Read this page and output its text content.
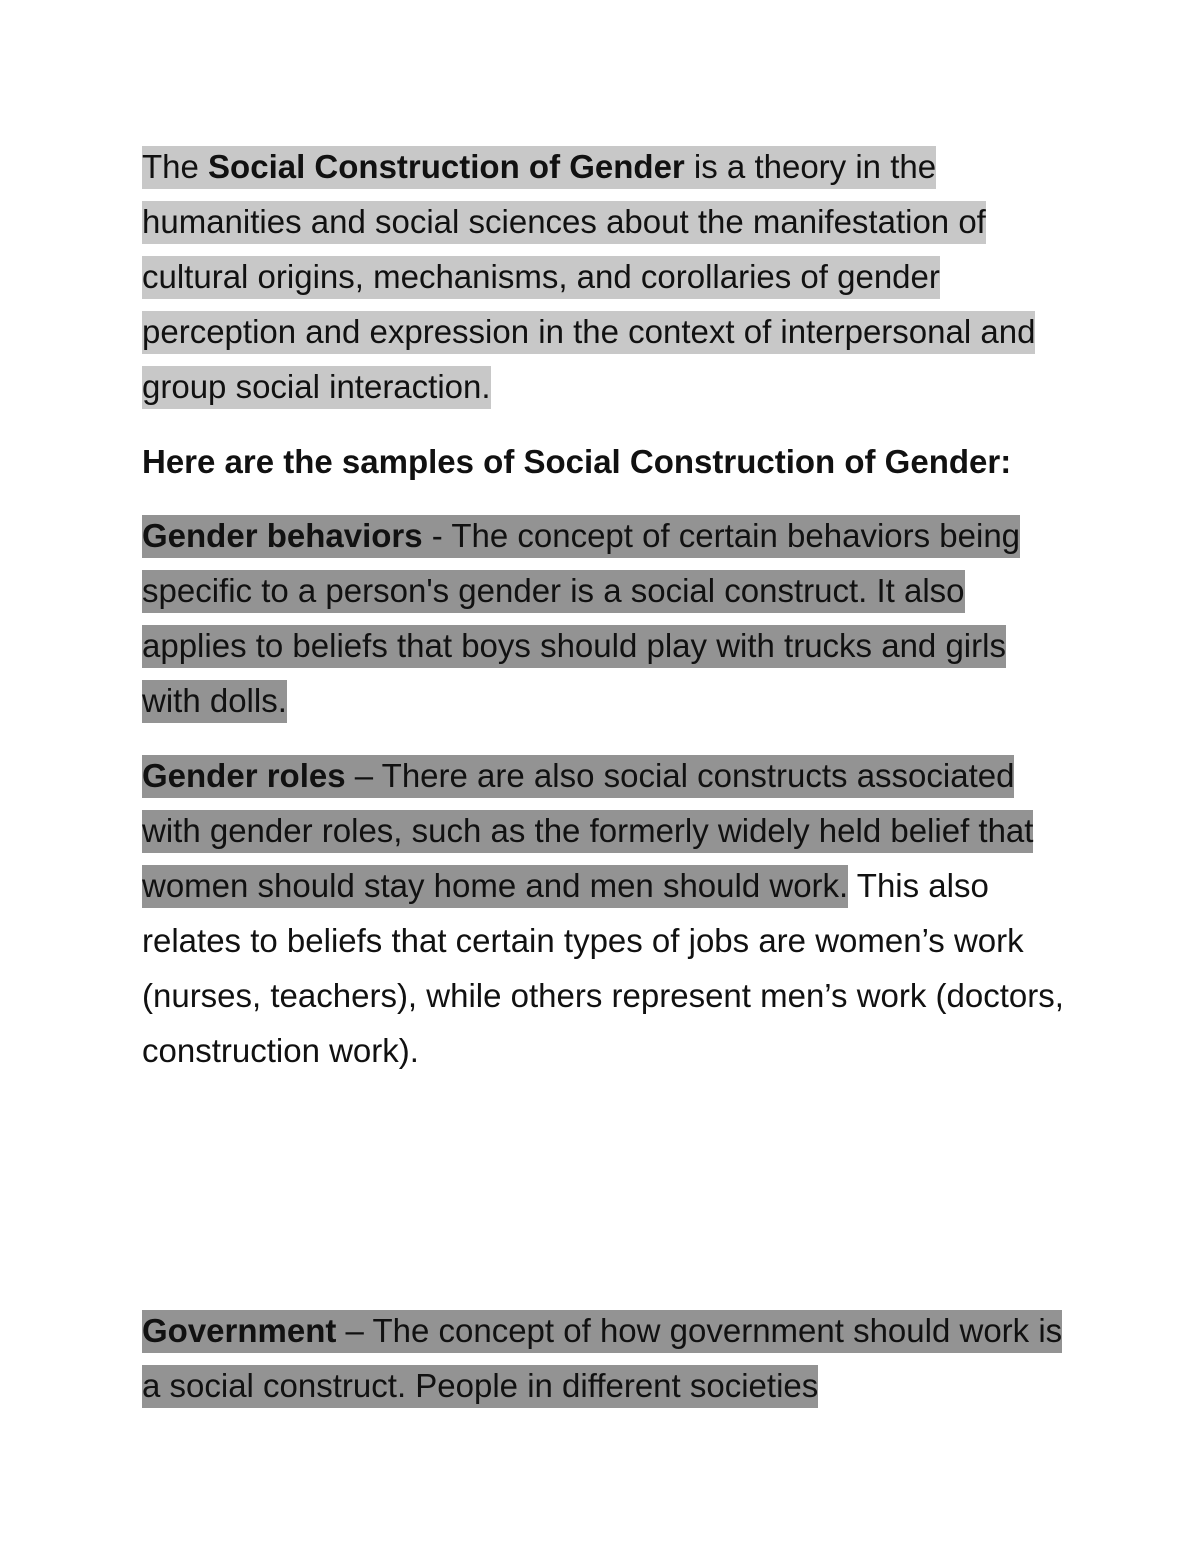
The Social Construction of Gender is a theory in the humanities and social sciences about the manifestation of cultural origins, mechanisms, and corollaries of gender perception and expression in the context of interpersonal and group social interaction.

Here are the samples of Social Construction of Gender:

Gender behaviors - The concept of certain behaviors being specific to a person's gender is a social construct. It also applies to beliefs that boys should play with trucks and girls with dolls.

Gender roles – There are also social constructs associated with gender roles, such as the formerly widely held belief that women should stay home and men should work. This also relates to beliefs that certain types of jobs are women’s work (nurses, teachers), while others represent men’s work (doctors, construction work).

Government – The concept of how government should work is a social construct. People in different societies
